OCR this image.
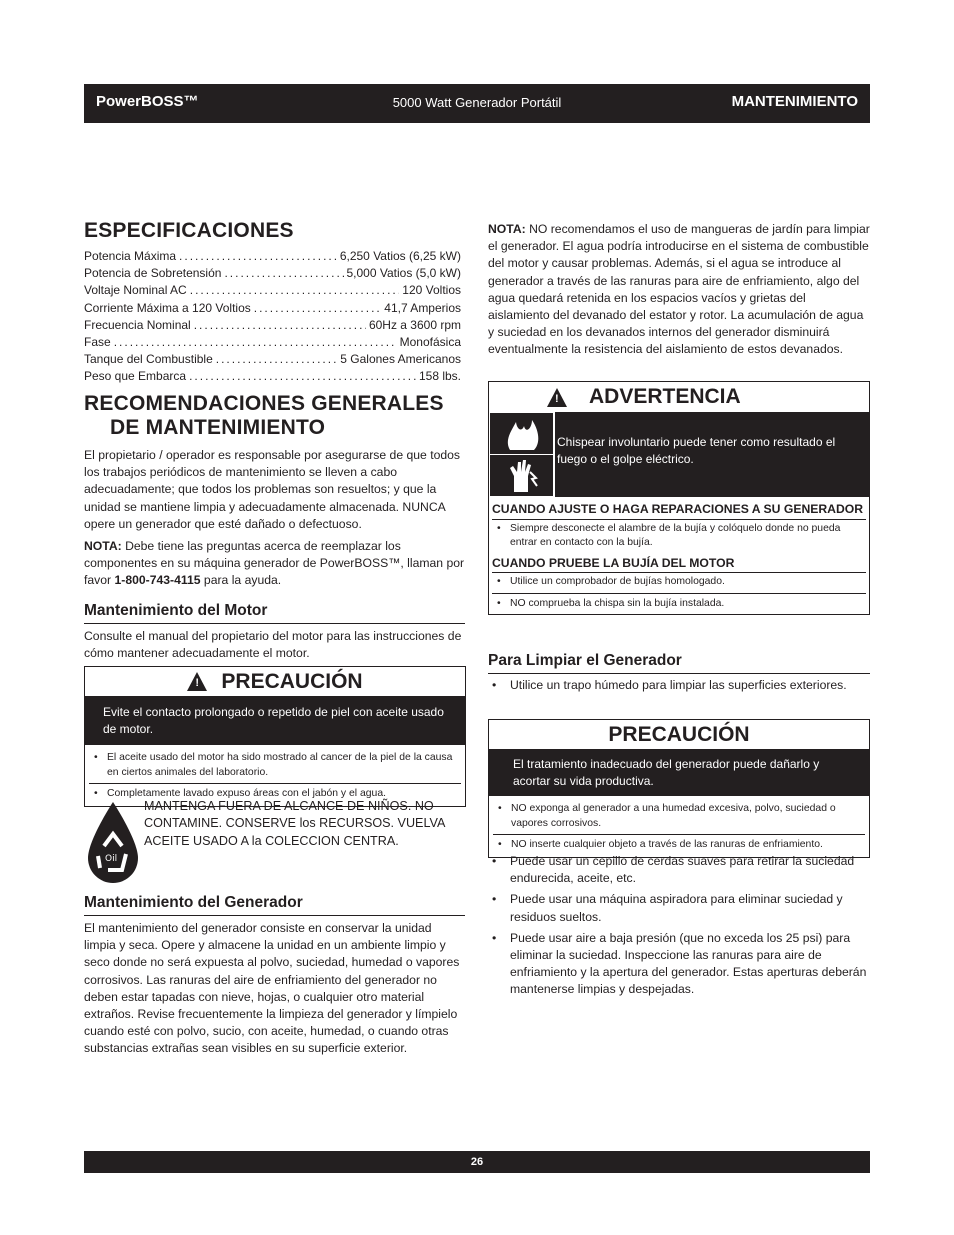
PowerBOSS™	5000 Watt Generador Portátil	MANTENIMIENTO
ESPECIFICACIONES
Potencia Máxima .....	6,250 Vatios (6,25 kW)
Potencia de Sobretensión .....	5,000 Vatios (5,0 kW)
Voltaje Nominal AC .....	120 Voltios
Corriente Máxima a 120 Voltios .....	41,7 Amperios
Frecuencia Nominal .....	60Hz a 3600 rpm
Fase .....	Monofásica
Tanque del Combustible .....	5 Galones Americanos
Peso que Embarca .....	158 lbs.
RECOMENDACIONES GENERALES
DE MANTENIMIENTO

El propietario / operador es responsable por asegurarse de que todos los trabajos periódicos de mantenimiento se lleven a cabo adecuadamente; que todos los problemas son resueltos; y que la unidad se mantiene limpia y adecuadamente almacenada. NUNCA opere un generador que esté dañado o defectuoso.

NOTA: Debe tiene las preguntas acerca de reemplazar los componentes en su máquina generador de PowerBOSS™, llaman por favor 1-800-743-4115 para la ayuda.

Mantenimiento del Motor

Consulte el manual del propietario del motor para las instrucciones de cómo mantener adecuadamente el motor.

! PRECAUCIÓN
Evite el contacto prolongado o repetido de piel con aceite usado de motor.
• El aceite usado del motor ha sido mostrado al cancer de la piel de la causa en ciertos animales del laboratorio.
• Completamente lavado expuso áreas con el jabón y el agua.
Oil

MANTENGA FUERA DE ALCANCE DE NIÑOS. NO CONTAMINE. CONSERVE los RECURSOS. VUELVA ACEITE USADO A la COLECCION CENTRA.

Mantenimiento del Generador

El mantenimiento del generador consiste en conservar la unidad limpia y seca. Opere y almacene la unidad en un ambiente limpio y seco donde no será expuesta al polvo, suciedad, humedad o vapores corrosivos. Las ranuras del aire de enfriamiento del generador no deben estar tapadas con nieve, hojas, o cualquier otro material extraños. Revise frecuentemente la limpieza del generador y límpielo cuando esté con polvo, sucio, con aceite, humedad, o cuando otras substancias extrañas sean visibles en su superficie exterior.

NOTA: NO recomendamos el uso de mangueras de jardín para limpiar el generador. El agua podría introducirse en el sistema de combustible del motor y causar problemas. Además, si el agua se introduce al generador a través de las ranuras para aire de enfriamiento, algo del agua quedará retenida en los espacios vacíos y grietas del aislamiento del devanado del estator y rotor. La acumulación de agua y suciedad en los devanados internos del generador disminuirá eventualmente la resistencia del aislamiento de estos devanados.

! ADVERTENCIA
Chispear involuntario puede tener como resultado el fuego o el golpe eléctrico.
CUANDO AJUSTE O HAGA REPARACIONES A SU GENERADOR
• Siempre desconecte el alambre de la bujía y colóquelo donde no pueda entrar en contacto con la bujía.
CUANDO PRUEBE LA BUJÍA DEL MOTOR
• Utilice un comprobador de bujías homologado.
• NO comprueba la chispa sin la bujía instalada.
Para Limpiar el Generador
• Utilice un trapo húmedo para limpiar las superficies exteriores.
PRECAUCIÓN
El tratamiento inadecuado del generador puede dañarlo y acortar su vida productiva.
• NO exponga al generador a una humedad excesiva, polvo, suciedad o vapores corrosivos.
• NO inserte cualquier objeto a través de las ranuras de enfriamiento.
• Puede usar un cepillo de cerdas suaves para retirar la suciedad endurecida, aceite, etc.
• Puede usar una máquina aspiradora para eliminar suciedad y residuos sueltos.
• Puede usar aire a baja presión (que no exceda los 25 psi) para eliminar la suciedad. Inspeccione las ranuras para aire de enfriamiento y la apertura del generador. Estas aperturas deberán mantenerse limpias y despejadas.
26
